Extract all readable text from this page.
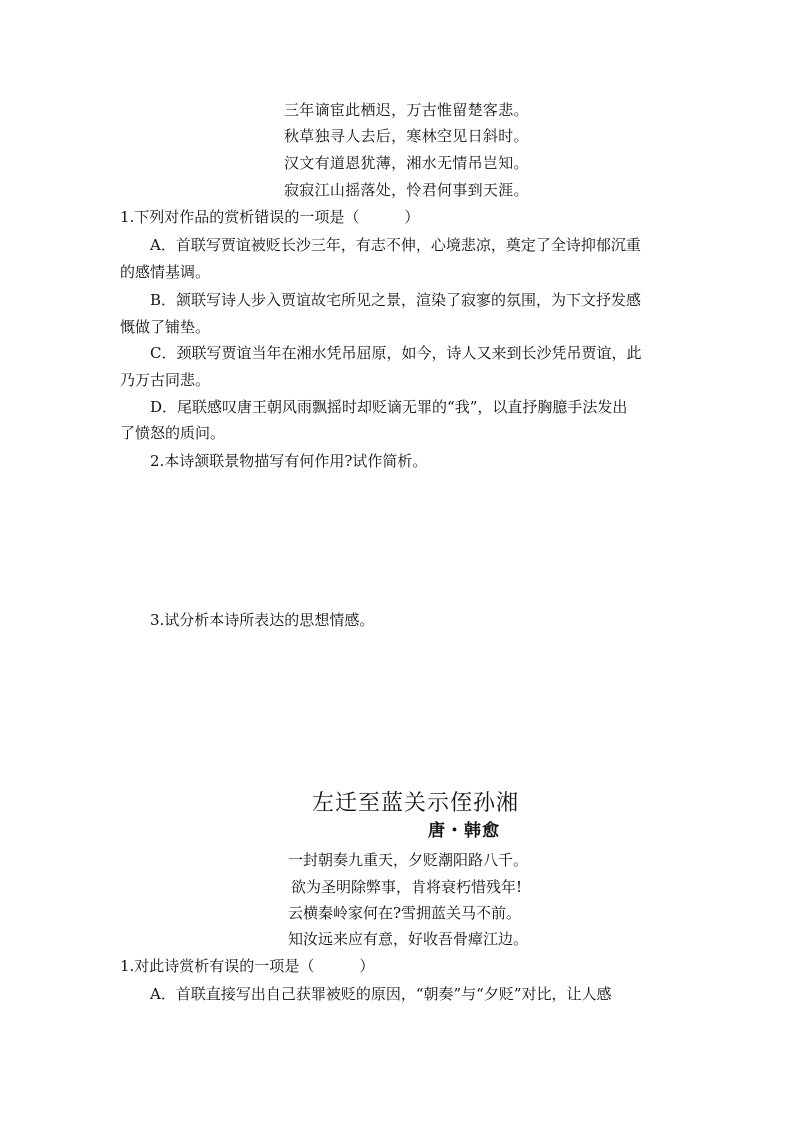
三年谪宦此栖迟，万古惟留楚客悲。
秋草独寻人去后，寒林空见日斜时。
汉文有道恩犹薄，湘水无情吊岂知。
寂寂江山摇落处，怜君何事到天涯。
1.下列对作品的赏析错误的一项是（　　　）
A．首联写贾谊被贬长沙三年，有志不伸，心境悲凉，奠定了全诗抑郁沉重
的感情基调。
B．颔联写诗人步入贾谊故宅所见之景，渲染了寂寥的氛围，为下文抒发感
慨做了铺垫。
C．颈联写贾谊当年在湘水凭吊屈原，如今，诗人又来到长沙凭吊贾谊，此
乃万古同悲。
D．尾联感叹唐王朝风雨飘摇时却贬谪无罪的“我”，以直抒胸臆手法发出
了愤怒的质问。
2.本诗颔联景物描写有何作用?试作简析。
3.试分析本诗所表达的思想情感。
左迁至蓝关示侄孙湘
唐・韩愈
一封朝奏九重天，夕贬潮阳路八千。
欲为圣明除弊事，肯将衰朽惜残年!
云横秦岭家何在?雪拥蓝关马不前。
知汝远来应有意，好收吾骨瘴江边。
1.对此诗赏析有误的一项是（　　　）
A．首联直接写出自己获罪被贬的原因，“朝奏”与“夕贬”对比，让人感
